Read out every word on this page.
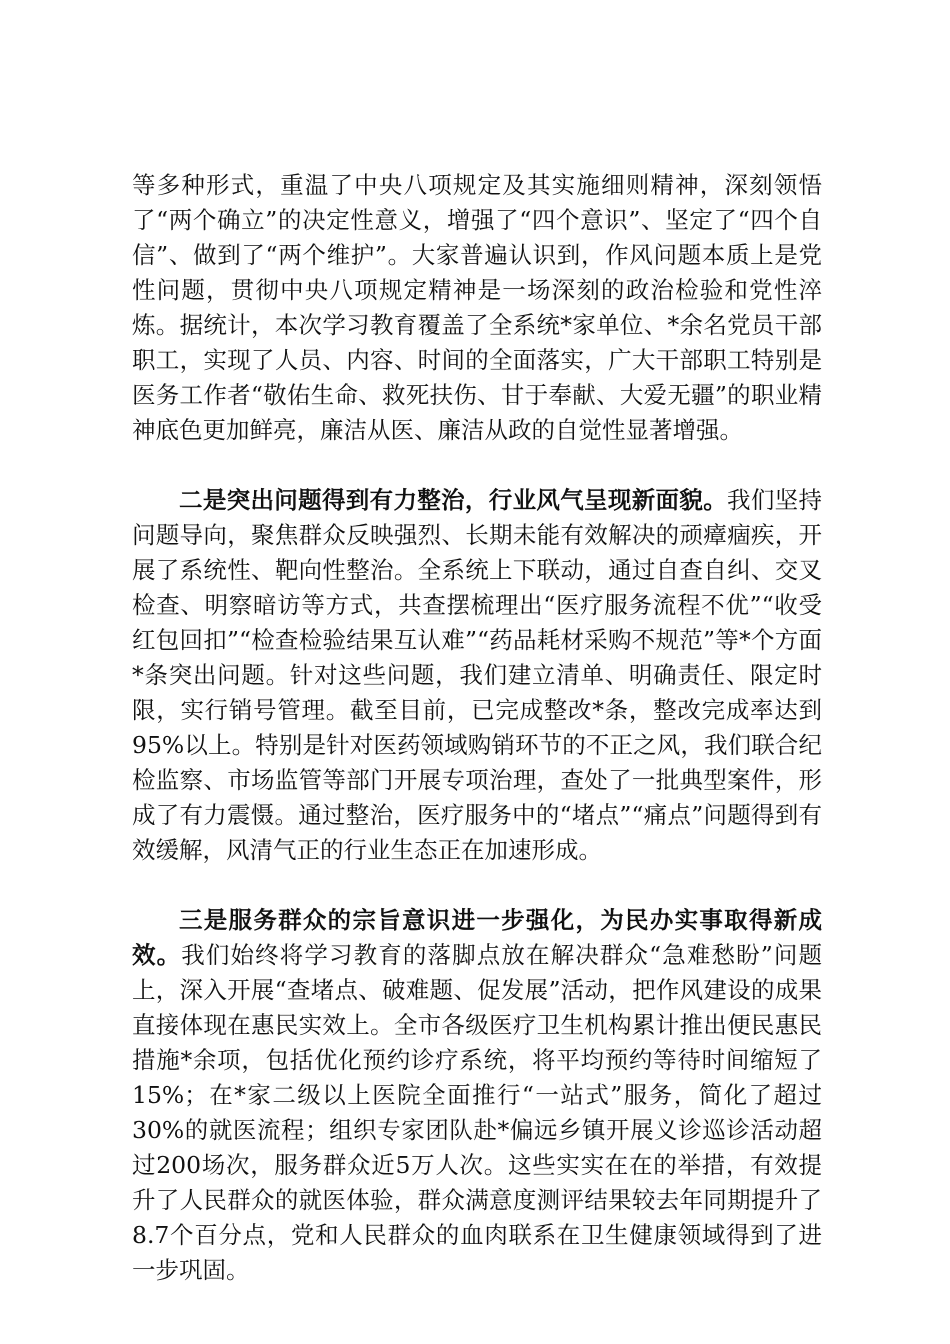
等多种形式，重温了中央八项规定及其实施细则精神，深刻领悟了“两个确立”的决定性意义，增强了“四个意识”、坚定了“四个自信”、做到了“两个维护”。大家普遍认识到，作风问题本质上是党性问题，贯彻中央八项规定精神是一场深刻的政治检验和党性淬炼。据统计，本次学习教育覆盖了全系统*家单位、*余名党员干部职工，实现了人员、内容、时间的全面落实，广大干部职工特别是医务工作者“敬佑生命、救死扶伤、甘于奉献、大爱无疆”的职业精神底色更加鲜亮，廉洁从医、廉洁从政的自觉性显著增强。

二是突出问题得到有力整治，行业风气呈现新面貌。我们坚持问题导向，聚焦群众反映强烈、长期未能有效解决的顽瘴痼疾，开展了系统性、靶向性整治。全系统上下联动，通过自查自纠、交叉检查、明察暗访等方式，共查摆梳理出“医疗服务流程不优”“收受红包回扣”“检查检验结果互认难”“药品耗材采购不规范”等*个方面*条突出问题。针对这些问题，我们建立清单、明确责任、限定时限，实行销号管理。截至目前，已完成整改*条，整改完成率达到95%以上。特别是针对医药领域购销环节的不正之风，我们联合纪检监察、市场监管等部门开展专项治理，查处了一批典型案件，形成了有力震慑。通过整治，医疗服务中的“堵点”“痛点”问题得到有效缓解，风清气正的行业生态正在加速形成。

三是服务群众的宗旨意识进一步强化，为民办实事取得新成效。我们始终将学习教育的落脚点放在解决群众“急难愁盼”问题上，深入开展“查堵点、破难题、促发展”活动，把作风建设的成果直接体现在惠民实效上。全市各级医疗卫生机构累计推出便民惠民措施*余项，包括优化预约诊疗系统，将平均预约等待时间缩短了15%；在*家二级以上医院全面推行“一站式”服务，简化了超过30%的就医流程；组织专家团队赴*偏远乡镇开展义诊巡诊活动超过200场次，服务群众近5万人次。这些实实在在的举措，有效提升了人民群众的就医体验，群众满意度测评结果较去年同期提升了8.7个百分点，党和人民群众的血肉联系在卫生健康领域得到了进一步巩固。
